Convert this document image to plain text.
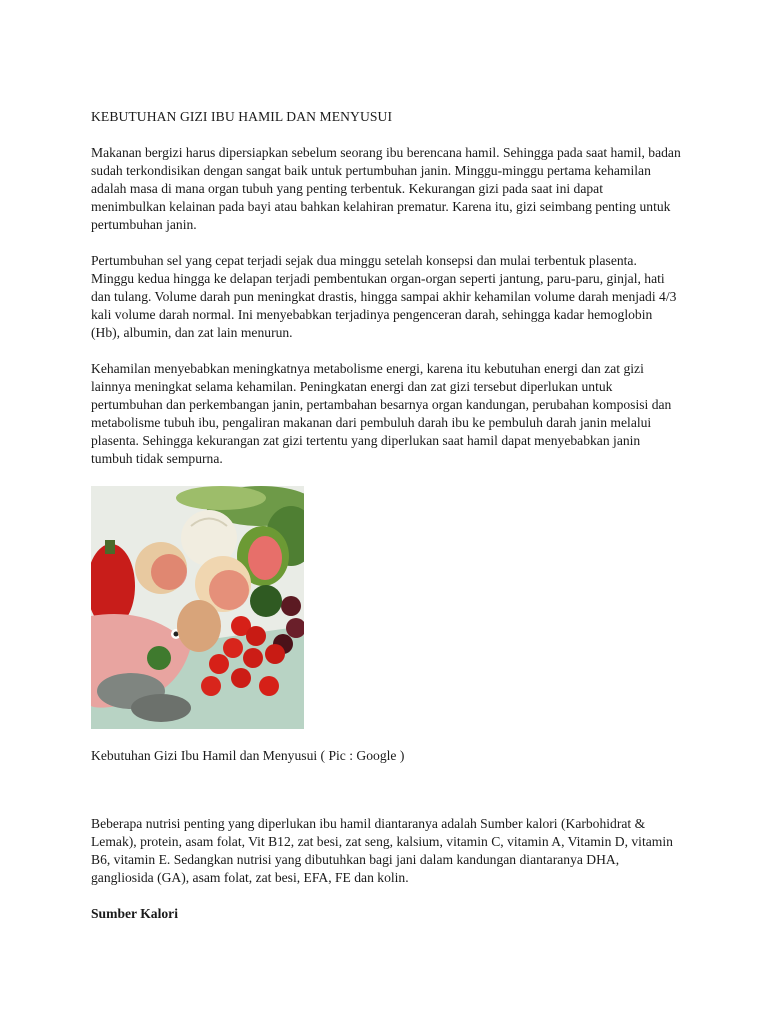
KEBUTUHAN GIZI IBU HAMIL DAN MENYUSUI

Makanan bergizi harus dipersiapkan sebelum seorang ibu berencana hamil. Sehingga pada saat hamil, badan sudah terkondisikan dengan sangat baik untuk pertumbuhan janin. Minggu-minggu pertama kehamilan adalah masa di mana organ tubuh yang penting terbentuk. Kekurangan gizi pada saat ini dapat menimbulkan kelainan pada bayi atau bahkan kelahiran prematur. Karena itu, gizi seimbang penting untuk pertumbuhan janin.

Pertumbuhan sel yang cepat terjadi sejak dua minggu setelah konsepsi dan mulai terbentuk plasenta. Minggu kedua hingga ke delapan terjadi pembentukan organ-organ seperti jantung, paru-paru, ginjal, hati dan tulang. Volume darah pun meningkat drastis, hingga sampai akhir kehamilan volume darah menjadi 4/3 kali volume darah normal. Ini menyebabkan terjadinya pengenceran darah, sehingga kadar hemoglobin (Hb), albumin, dan zat lain menurun.

Kehamilan menyebabkan meningkatnya metabolisme energi, karena itu kebutuhan energi dan zat gizi lainnya meningkat selama kehamilan. Peningkatan energi dan zat gizi tersebut diperlukan untuk pertumbuhan dan perkembangan janin, pertambahan besarnya organ kandungan, perubahan komposisi dan metabolisme tubuh ibu, pengaliran makanan dari pembuluh darah ibu ke pembuluh darah janin melalui plasenta. Sehingga kekurangan zat gizi tertentu yang diperlukan saat hamil dapat menyebabkan janin tumbuh tidak sempurna.

Kebutuhan Gizi Ibu Hamil dan Menyusui ( Pic : Google )

Beberapa nutrisi penting yang diperlukan ibu hamil diantaranya adalah Sumber kalori (Karbohidrat & Lemak), protein, asam folat, Vit B12, zat besi, zat seng, kalsium, vitamin C, vitamin A, Vitamin D, vitamin B6, vitamin E. Sedangkan nutrisi yang dibutuhkan bagi jani dalam kandungan diantaranya DHA, gangliosida (GA), asam folat, zat besi, EFA, FE dan kolin.

Sumber Kalori
